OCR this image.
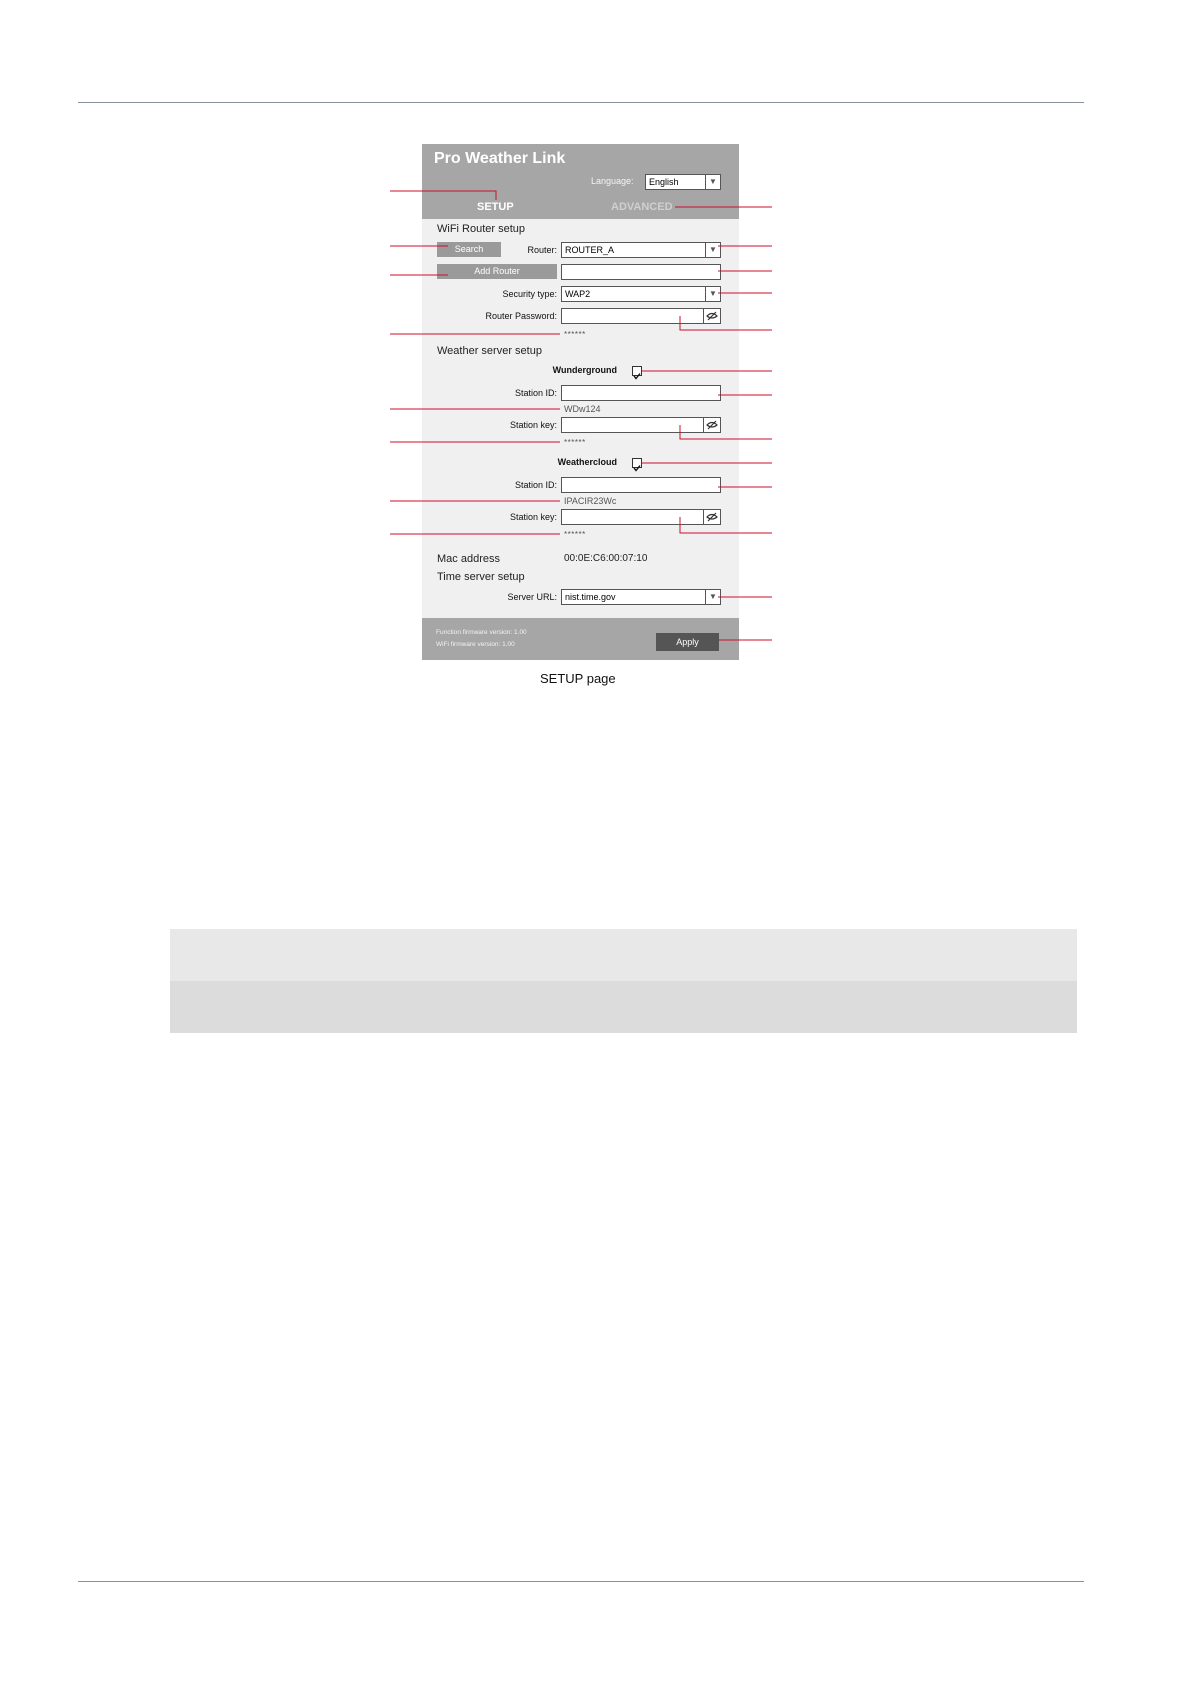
Pro Weather Link
Language:	English	▼
SETUP	ADVANCED
WiFi Router setup
Search	Router: ROUTER_A	▼
Add Router
Security type: WAP2	▼
Router Password:
******
Weather server setup
Wunderground
Station ID:
WDw124
Station key:
******
Weathercloud
Station ID:
IPACIR23Wc
Station key:
******
Mac address	00:0E:C6:00:07:10
Time server setup
Server URL: nist.time.gov	▼
Function firmware version: 1.00
WiFi firmware version: 1.00	Apply
SETUP page
